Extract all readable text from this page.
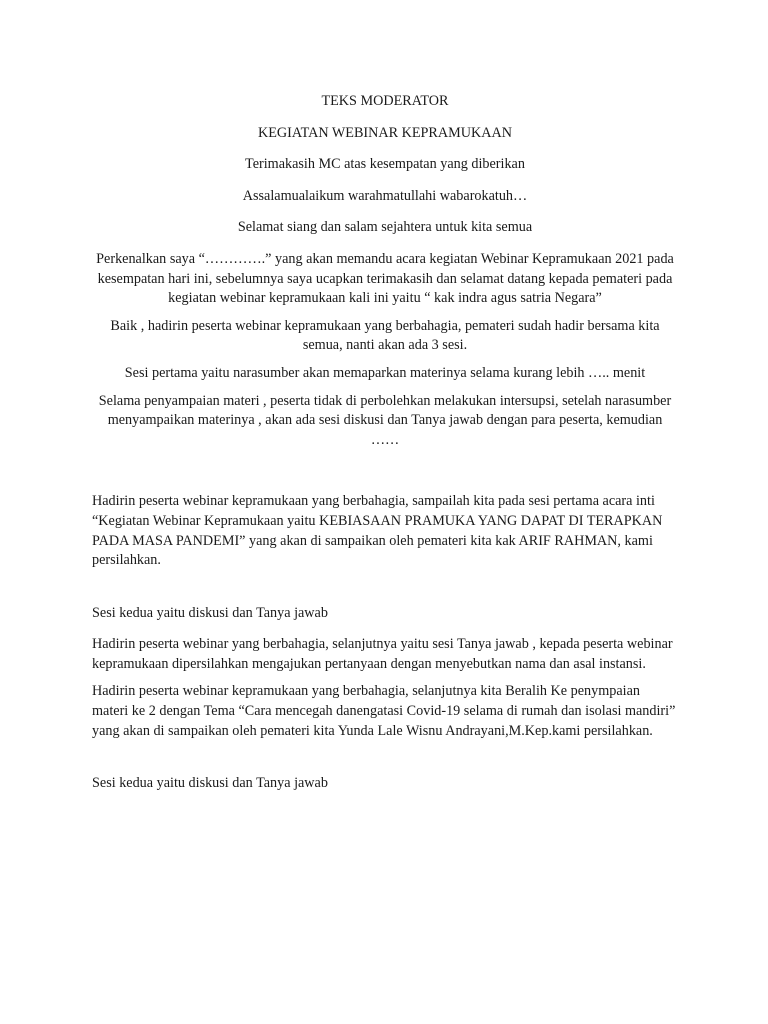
TEKS MODERATOR

KEGIATAN WEBINAR KEPRAMUKAAN

Terimakasih MC atas kesempatan yang diberikan

Assalamualaikum warahmatullahi wabarokatuh…

Selamat siang dan salam sejahtera untuk kita semua

Perkenalkan saya “………….” yang akan memandu acara kegiatan Webinar Kepramukaan 2021 pada kesempatan hari ini, sebelumnya saya ucapkan terimakasih dan selamat datang kepada pemateri pada kegiatan webinar kepramukaan kali ini yaitu “ kak indra agus satria Negara”

Baik , hadirin peserta webinar kepramukaan yang berbahagia, pemateri sudah hadir bersama kita semua, nanti akan ada 3 sesi.

Sesi pertama yaitu narasumber akan memaparkan materinya selama kurang lebih ….. menit

Selama penyampaian materi , peserta tidak di perbolehkan melakukan intersupsi, setelah narasumber menyampaikan materinya , akan ada sesi diskusi dan Tanya jawab dengan para peserta, kemudian ……

Hadirin peserta webinar kepramukaan yang berbahagia, sampailah kita pada sesi pertama acara inti “Kegiatan Webinar Kepramukaan yaitu KEBIASAAN PRAMUKA YANG DAPAT DI TERAPKAN PADA MASA PANDEMI” yang akan di sampaikan oleh pemateri kita kak ARIF RAHMAN, kami persilahkan.

Sesi kedua yaitu diskusi dan Tanya jawab

Hadirin peserta webinar yang berbahagia, selanjutnya yaitu sesi Tanya jawab , kepada peserta webinar kepramukaan dipersilahkan mengajukan pertanyaan dengan menyebutkan nama dan asal instansi.

Hadirin peserta webinar kepramukaan yang berbahagia, selanjutnya kita Beralih Ke penympaian materi ke 2 dengan Tema “Cara mencegah danengatasi Covid-19 selama di rumah dan isolasi mandiri” yang akan di sampaikan oleh pemateri kita Yunda Lale Wisnu Andrayani,M.Kep.kami persilahkan.

Sesi kedua yaitu diskusi dan Tanya jawab
